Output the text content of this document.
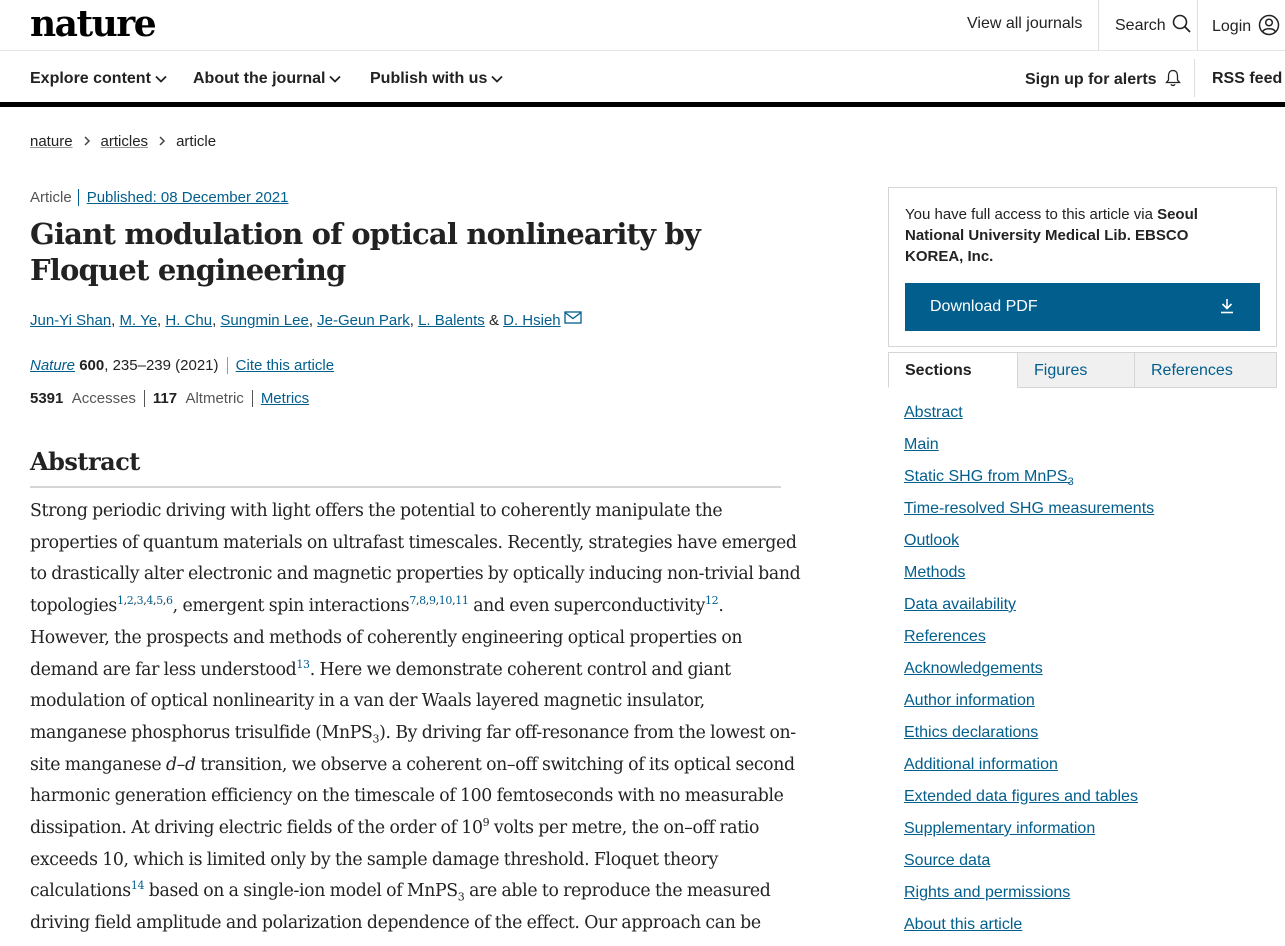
nature	View all journals Search	Login
Explore content	About the journal	Publish with us	Sign up for alerts	RSS feed
nature articles article
Article Published: 08 December 2021
Giant modulation of optical nonlinearity by Floquet engineering
Jun-Yi Shan, M. Ye, H. Chu, Sungmin Lee, Je-Geun Park, L. Balents & D. Hsieh
Nature 600, 235–239 (2021) Cite this article
5391 Accesses 117 Altmetric Metrics
Abstract
Strong periodic driving with light offers the potential to coherently manipulate the
properties of quantum materials on ultrafast timescales. Recently, strategies have emerged
to drastically alter electronic and magnetic properties by optically inducing non-trivial band
topologies$^{1,2,3,4,5,6}$, emergent spin interactions$^{7,8,9,10,11}$ and even superconductivity$^{12}$.
However, the prospects and methods of coherently engineering optical properties on
demand are far less understood$^{13}$. Here we demonstrate coherent control and giant
modulation of optical nonlinearity in a van der Waals layered magnetic insulator,
manganese phosphorus trisulfide (MnPS$_3$). By driving far off-resonance from the lowest on-
site manganese d–d transition, we observe a coherent on–off switching of its optical second
harmonic generation efficiency on the timescale of 100 femtoseconds with no measurable
dissipation. At driving electric fields of the order of $10^9$ volts per metre, the on–off ratio
exceeds 10, which is limited only by the sample damage threshold. Floquet theory
calculations$^{14}$ based on a single-ion model of MnPS$_3$ are able to reproduce the measured
driving field amplitude and polarization dependence of the effect. Our approach can be
You have full access to this article via Seoul National University Medical Lib. EBSCO KOREA, Inc.
Download PDF
Sections	Figures	References
Abstract
Main
Static SHG from MnPS$_3$
Time-resolved SHG measurements
Outlook
Methods
Data availability
References
Acknowledgements
Author information
Ethics declarations
Additional information
Extended data figures and tables
Supplementary information
Source data
Rights and permissions
About this article
